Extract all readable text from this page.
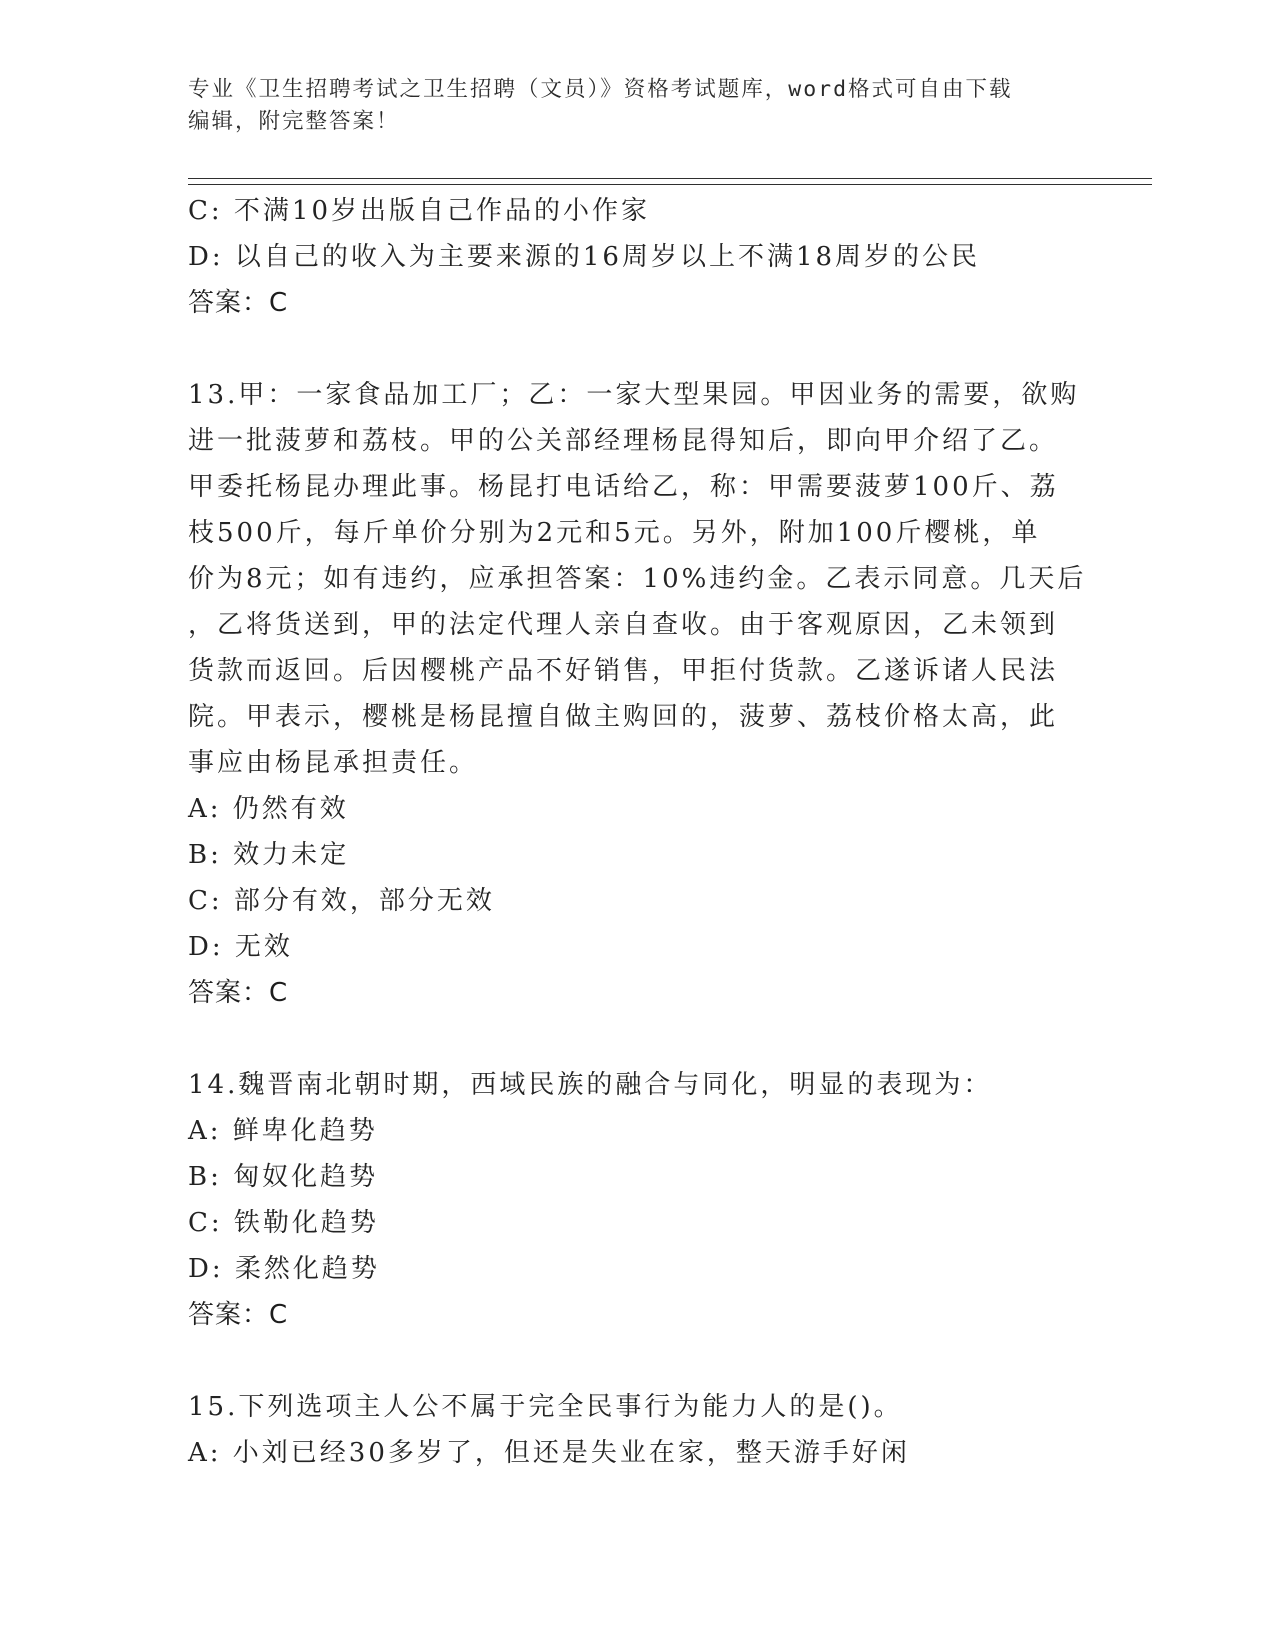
专业《卫生招聘考试之卫生招聘（文员）》资格考试题库，word格式可自由下载
编辑，附完整答案！
C: 不满10岁出版自己作品的小作家
D: 以自己的收入为主要来源的16周岁以上不满18周岁的公民
答案：C
13.甲：一家食品加工厂；乙：一家大型果园。甲因业务的需要，欲购
进一批菠萝和荔枝。甲的公关部经理杨昆得知后，即向甲介绍了乙。
甲委托杨昆办理此事。杨昆打电话给乙，称：甲需要菠萝100斤、荔
枝500斤，每斤单价分别为2元和5元。另外，附加100斤樱桃，单
价为8元；如有违约，应承担答案：10%违约金。乙表示同意。几天后
，乙将货送到，甲的法定代理人亲自查收。由于客观原因，乙未领到
货款而返回。后因樱桃产品不好销售，甲拒付货款。乙遂诉诸人民法
院。甲表示，樱桃是杨昆擅自做主购回的，菠萝、荔枝价格太高，此
事应由杨昆承担责任。
A: 仍然有效
B: 效力未定
C: 部分有效，部分无效
D: 无效
答案：C
14.魏晋南北朝时期，西域民族的融合与同化，明显的表现为：
A: 鲜卑化趋势
B: 匈奴化趋势
C: 铁勒化趋势
D: 柔然化趋势
答案：C
15.下列选项主人公不属于完全民事行为能力人的是()。
A: 小刘已经30多岁了，但还是失业在家，整天游手好闲
